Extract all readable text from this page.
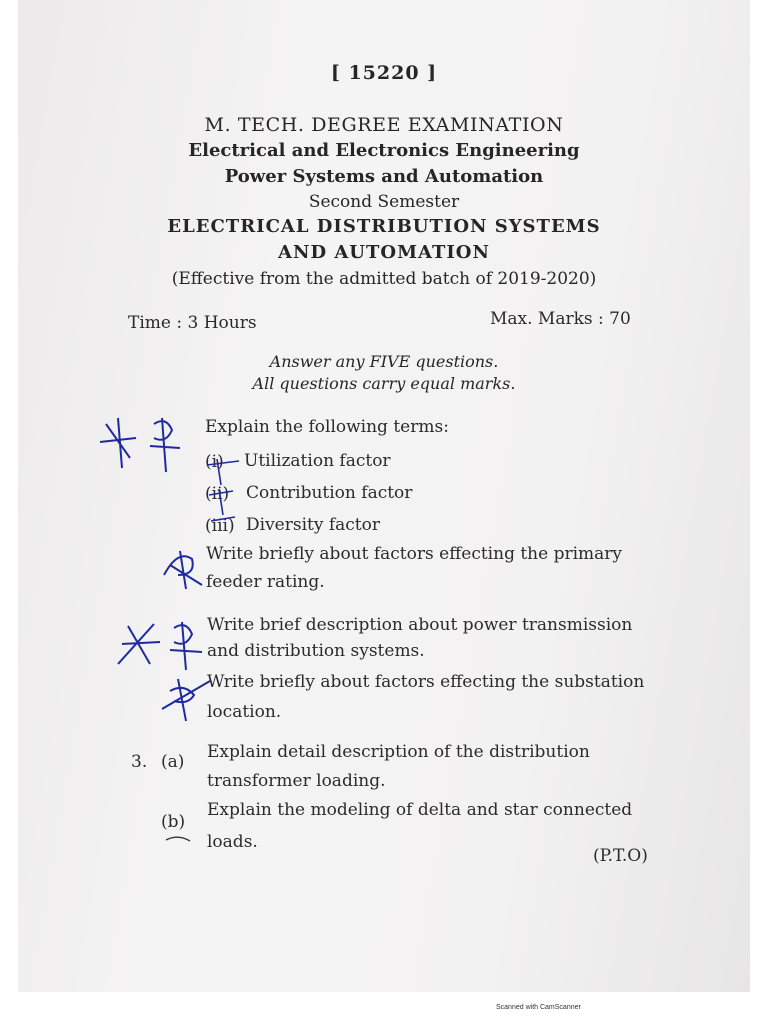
[ 15220 ]
M. TECH. DEGREE EXAMINATION
Electrical and Electronics Engineering
Power Systems and Automation
Second Semester
ELECTRICAL DISTRIBUTION SYSTEMS
AND AUTOMATION
(Effective from the admitted batch of 2019-2020)
Time : 3 Hours	Max. Marks : 70
Answer any FIVE questions.
All questions carry equal marks.
Explain the following terms:
(i) Utilization factor
(ii) Contribution factor
(iii) Diversity factor
Write briefly about factors effecting the primary
feeder rating.
Write brief description about power transmission
and distribution systems.
Write briefly about factors effecting the substation
location.
3. (a) Explain detail description of the distribution
transformer loading.
(b)
Explain the modeling of delta and star connected
loads.
(P.T.O)
Scanned with CamScanner
